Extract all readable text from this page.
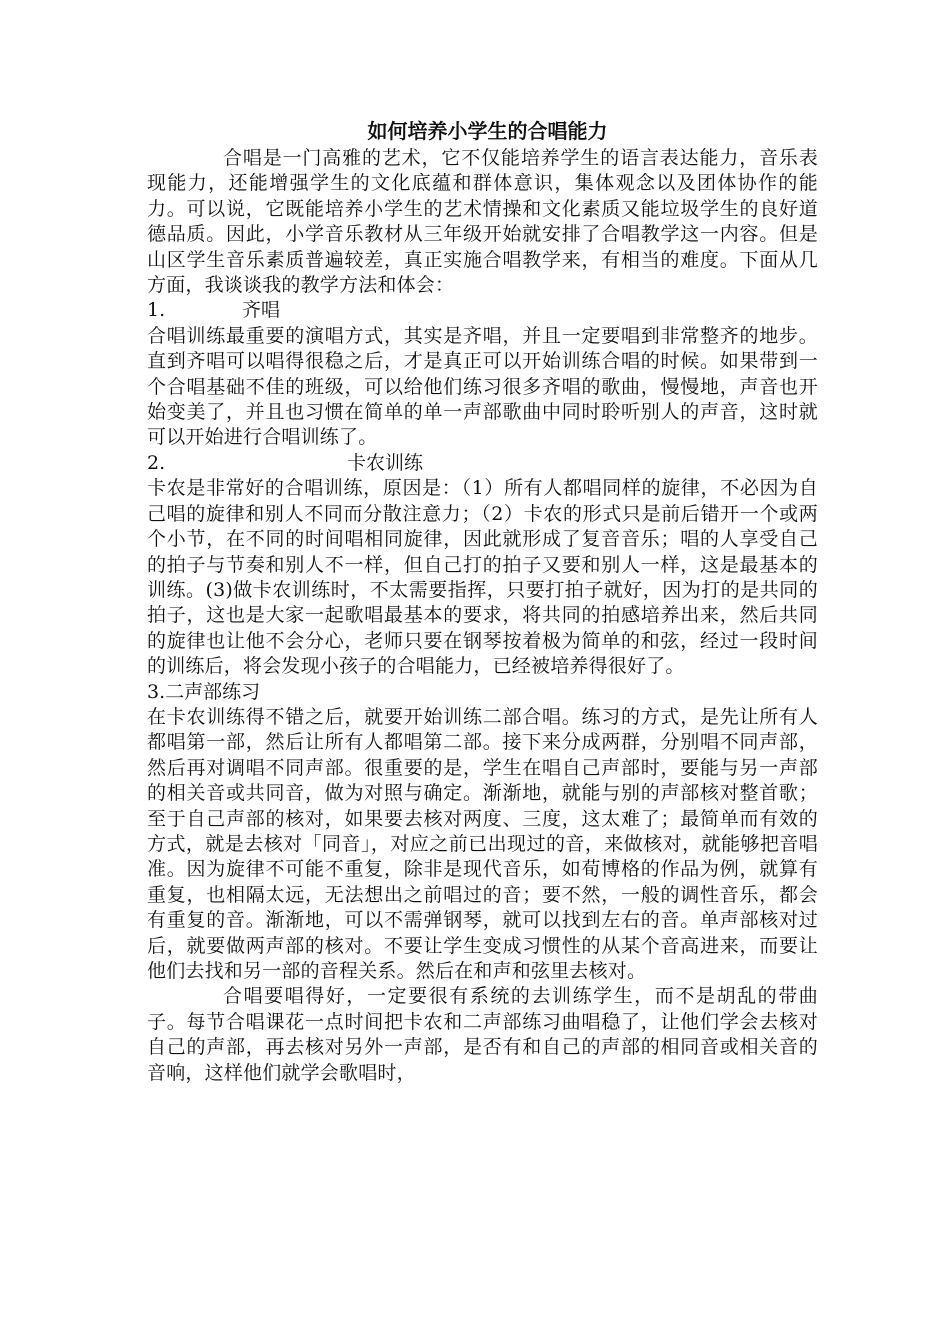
如何培养小学生的合唱能力

合唱是一门高雅的艺术，它不仅能培养学生的语言表达能力，音乐表现能力，还能增强学生的文化底蕴和群体意识，集体观念以及团体协作的能力。可以说，它既能培养小学生的艺术情操和文化素质又能垃圾学生的良好道德品质。因此，小学音乐教材从三年级开始就安排了合唱教学这一内容。但是山区学生音乐素质普遍较差，真正实施合唱教学来，有相当的难度。下面从几方面，我谈谈我的教学方法和体会：

1.	齐唱

合唱训练最重要的演唱方式，其实是齐唱，并且一定要唱到非常整齐的地步。直到齐唱可以唱得很稳之后，才是真正可以开始训练合唱的时候。如果带到一个合唱基础不佳的班级，可以给他们练习很多齐唱的歌曲，慢慢地，声音也开始变美了，并且也习惯在简单的单一声部歌曲中同时聆听别人的声音，这时就可以开始进行合唱训练了。

2.	卡农训练

卡农是非常好的合唱训练，原因是：（1）所有人都唱同样的旋律，不必因为自己唱的旋律和别人不同而分散注意力；（2）卡农的形式只是前后错开一个或两个小节，在不同的时间唱相同旋律，因此就形成了复音音乐；唱的人享受自己的拍子与节奏和别人不一样，但自己打的拍子又要和别人一样，这是最基本的训练。(3)做卡农训练时，不太需要指挥，只要打拍子就好，因为打的是共同的拍子，这也是大家一起歌唱最基本的要求，将共同的拍感培养出来，然后共同的旋律也让他不会分心，老师只要在钢琴按着极为简单的和弦，经过一段时间的训练后，将会发现小孩子的合唱能力，已经被培养得很好了。

3.二声部练习

在卡农训练得不错之后，就要开始训练二部合唱。练习的方式，是先让所有人都唱第一部，然后让所有人都唱第二部。接下来分成两群，分别唱不同声部，然后再对调唱不同声部。很重要的是，学生在唱自己声部时，要能与另一声部的相关音或共同音，做为对照与确定。渐渐地，就能与别的声部核对整首歌；至于自己声部的核对，如果要去核对两度、三度，这太难了；最简单而有效的方式，就是去核对「同音」，对应之前已出现过的音，来做核对，就能够把音唱准。因为旋律不可能不重复，除非是现代音乐，如荀博格的作品为例，就算有重复，也相隔太远，无法想出之前唱过的音；要不然，一般的调性音乐，都会有重复的音。渐渐地，可以不需弹钢琴，就可以找到左右的音。单声部核对过后，就要做两声部的核对。不要让学生变成习惯性的从某个音高进来，而要让他们去找和另一部的音程关系。然后在和声和弦里去核对。

合唱要唱得好，一定要很有系统的去训练学生，而不是胡乱的带曲子。每节合唱课花一点时间把卡农和二声部练习曲唱稳了，让他们学会去核对自己的声部，再去核对另外一声部，是否有和自己的声部的相同音或相关音的音响，这样他们就学会歌唱时，
